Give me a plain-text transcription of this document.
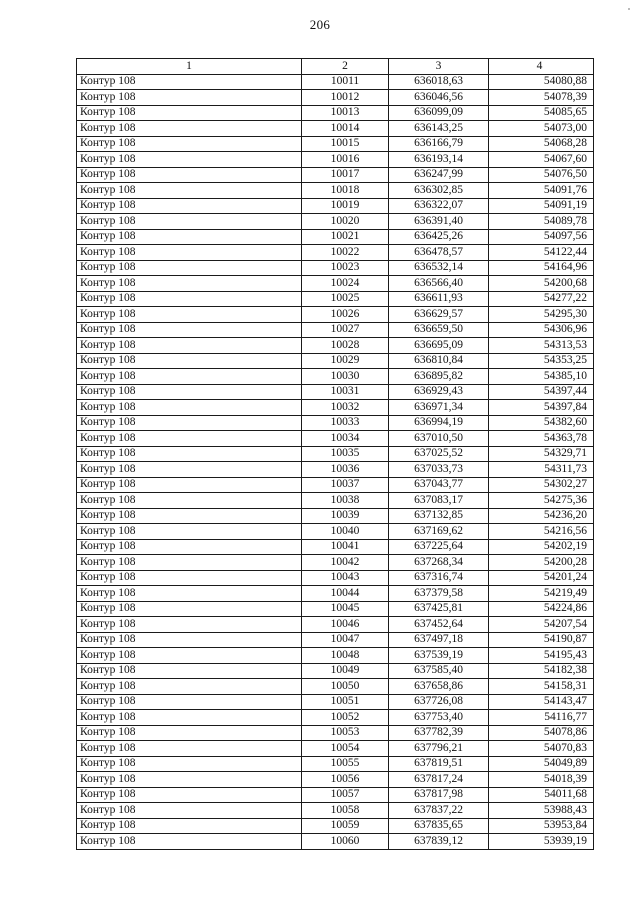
206
1	2	3	4
Контур 108	10011	636018,63	54080,88
Контур 108	10012	636046,56	54078,39
Контур 108	10013	636099,09	54085,65
Контур 108	10014	636143,25	54073,00
Контур 108	10015	636166,79	54068,28
Контур 108	10016	636193,14	54067,60
Контур 108	10017	636247,99	54076,50
Контур 108	10018	636302,85	54091,76
Контур 108	10019	636322,07	54091,19
Контур 108	10020	636391,40	54089,78
Контур 108	10021	636425,26	54097,56
Контур 108	10022	636478,57	54122,44
Контур 108	10023	636532,14	54164,96
Контур 108	10024	636566,40	54200,68
Контур 108	10025	636611,93	54277,22
Контур 108	10026	636629,57	54295,30
Контур 108	10027	636659,50	54306,96
Контур 108	10028	636695,09	54313,53
Контур 108	10029	636810,84	54353,25
Контур 108	10030	636895,82	54385,10
Контур 108	10031	636929,43	54397,44
Контур 108	10032	636971,34	54397,84
Контур 108	10033	636994,19	54382,60
Контур 108	10034	637010,50	54363,78
Контур 108	10035	637025,52	54329,71
Контур 108	10036	637033,73	54311,73
Контур 108	10037	637043,77	54302,27
Контур 108	10038	637083,17	54275,36
Контур 108	10039	637132,85	54236,20
Контур 108	10040	637169,62	54216,56
Контур 108	10041	637225,64	54202,19
Контур 108	10042	637268,34	54200,28
Контур 108	10043	637316,74	54201,24
Контур 108	10044	637379,58	54219,49
Контур 108	10045	637425,81	54224,86
Контур 108	10046	637452,64	54207,54
Контур 108	10047	637497,18	54190,87
Контур 108	10048	637539,19	54195,43
Контур 108	10049	637585,40	54182,38
Контур 108	10050	637658,86	54158,31
Контур 108	10051	637726,08	54143,47
Контур 108	10052	637753,40	54116,77
Контур 108	10053	637782,39	54078,86
Контур 108	10054	637796,21	54070,83
Контур 108	10055	637819,51	54049,89
Контур 108	10056	637817,24	54018,39
Контур 108	10057	637817,98	54011,68
Контур 108	10058	637837,22	53988,43
Контур 108	10059	637835,65	53953,84
Контур 108	10060	637839,12	53939,19
